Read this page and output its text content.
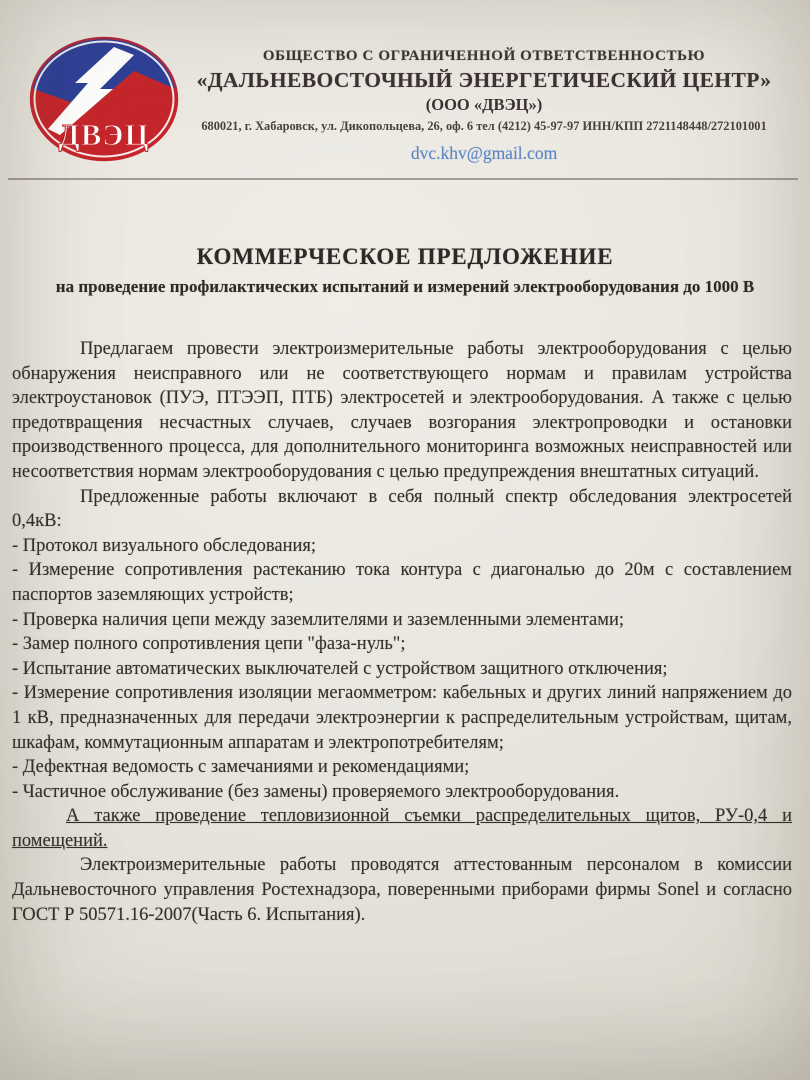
ДВЭЦ
ОБЩЕСТВО С ОГРАНИЧЕННОЙ ОТВЕТСТВЕННОСТЬЮ
«ДАЛЬНЕВОСТОЧНЫЙ ЭНЕРГЕТИЧЕСКИЙ ЦЕНТР»
(ООО «ДВЭЦ»)
680021, г. Хабаровск, ул. Дикопольцева, 26, оф. 6 тел (4212) 45-97-97 ИНН/КПП 2721148448/272101001
dvc.khv@gmail.com
КОММЕРЧЕСКОЕ ПРЕДЛОЖЕНИЕ
на проведение профилактических испытаний и измерений электрооборудования до 1000 В

Предлагаем провести электроизмерительные работы электрооборудования с целью обнаружения неисправного или не соответствующего нормам и правилам устройства электроустановок (ПУЭ, ПТЭЭП, ПТБ) электросетей и электрооборудования. А также с целью предотвращения несчастных случаев, случаев возгорания электропроводки и остановки производственного процесса, для дополнительного мониторинга возможных неисправностей или несоответствия нормам электрооборудования с целью предупреждения внештатных ситуаций.

Предложенные работы включают в себя полный спектр обследования электросетей 0,4кВ:

- Протокол визуального обследования;

- Измерение сопротивления растеканию тока контура с диагональю до 20м с составлением паспортов заземляющих устройств;

- Проверка наличия цепи между заземлителями и заземленными элементами;

- Замер полного сопротивления цепи "фаза-нуль";

- Испытание автоматических выключателей с устройством защитного отключения;

- Измерение сопротивления изоляции мегаомметром: кабельных и других линий напряжением до 1 кВ, предназначенных для передачи электроэнергии к распределительным устройствам, щитам, шкафам, коммутационным аппаратам и электропотребителям;

- Дефектная ведомость с замечаниями и рекомендациями;

- Частичное обслуживание (без замены) проверяемого электрооборудования.

А также проведение тепловизионной съемки распределительных щитов, РУ-0,4 и помещений.

Электроизмерительные работы проводятся аттестованным персоналом в комиссии Дальневосточного управления Ростехнадзора, поверенными приборами фирмы Sonel и согласно ГОСТ Р 50571.16-2007(Часть 6. Испытания).
